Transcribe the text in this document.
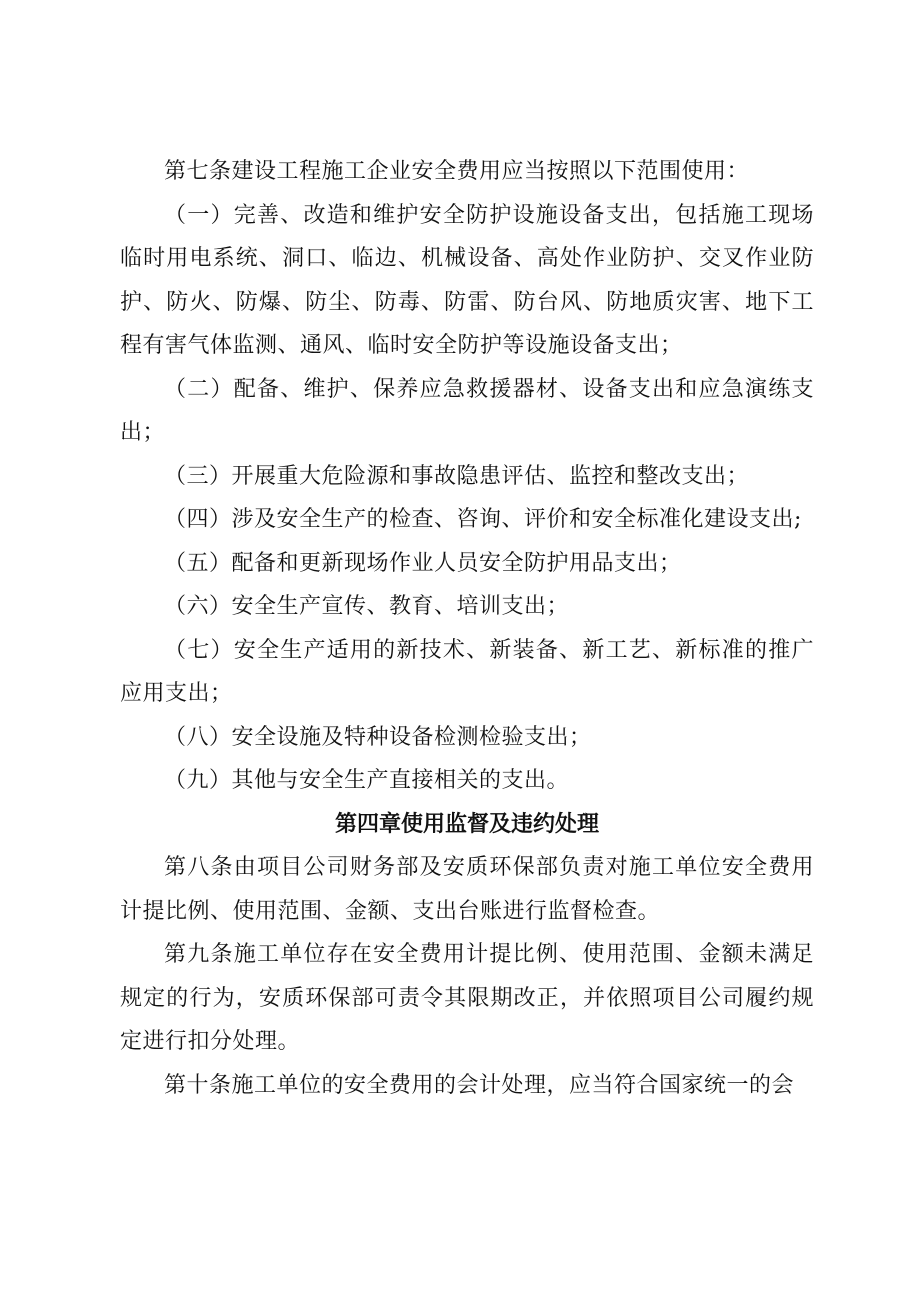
第七条建设工程施工企业安全费用应当按照以下范围使用：

（一）完善、改造和维护安全防护设施设备支出，包括施工现场临时用电系统、洞口、临边、机械设备、高处作业防护、交叉作业防护、防火、防爆、防尘、防毒、防雷、防台风、防地质灾害、地下工程有害气体监测、通风、临时安全防护等设施设备支出；

（二）配备、维护、保养应急救援器材、设备支出和应急演练支出；

（三）开展重大危险源和事故隐患评估、监控和整改支出；

（四）涉及安全生产的检查、咨询、评价和安全标准化建设支出;

（五）配备和更新现场作业人员安全防护用品支出；

（六）安全生产宣传、教育、培训支出；

（七）安全生产适用的新技术、新装备、新工艺、新标准的推广应用支出；

（八）安全设施及特种设备检测检验支出；

（九）其他与安全生产直接相关的支出。

第四章使用监督及违约处理

第八条由项目公司财务部及安质环保部负责对施工单位安全费用计提比例、使用范围、金额、支出台账进行监督检查。

第九条施工单位存在安全费用计提比例、使用范围、金额未满足规定的行为，安质环保部可责令其限期改正，并依照项目公司履约规定进行扣分处理。

第十条施工单位的安全费用的会计处理，应当符合国家统一的会
